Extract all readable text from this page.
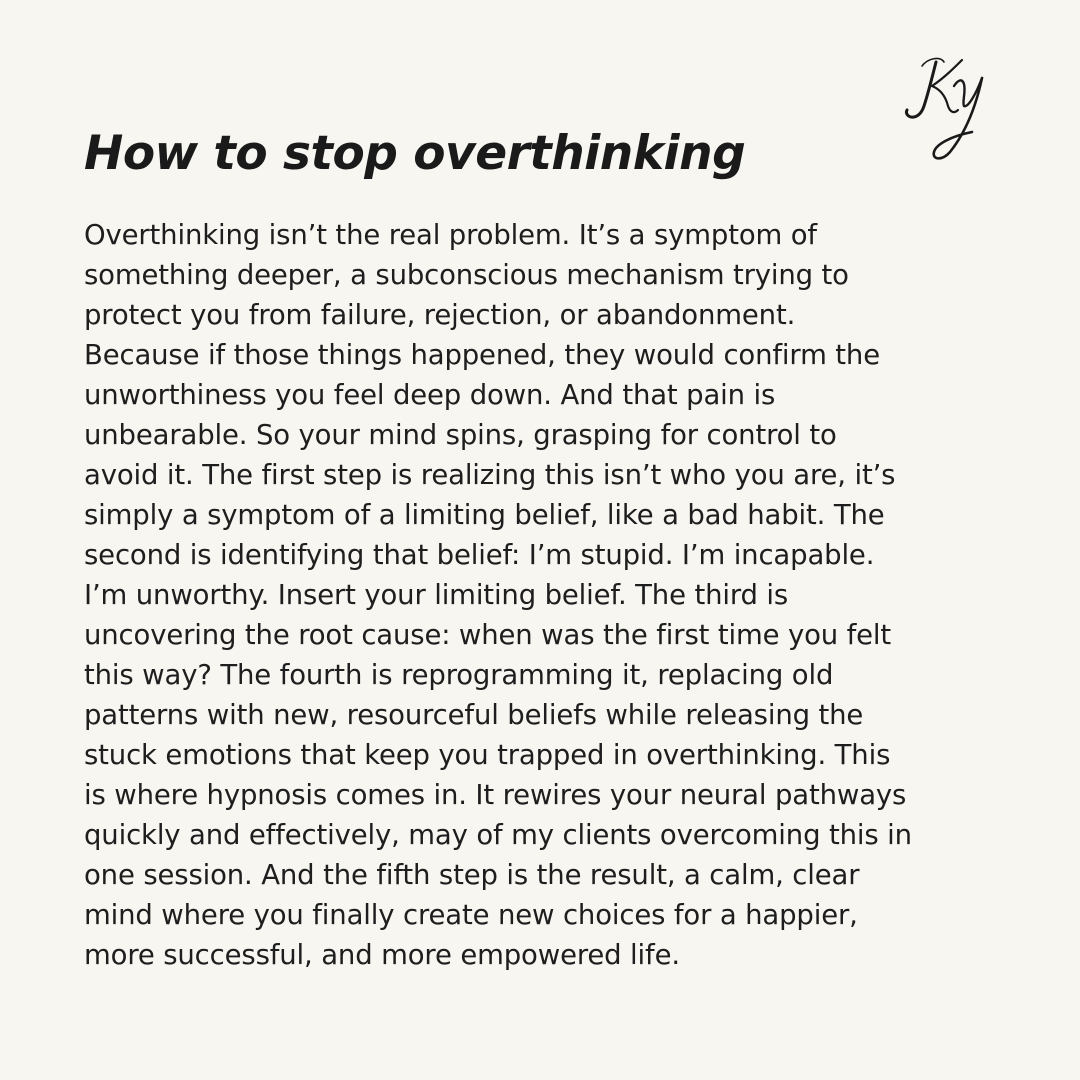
How to stop overthinking

Overthinking isn’t the real problem. It’s a symptom of
something deeper, a subconscious mechanism trying to
protect you from failure, rejection, or abandonment.
Because if those things happened, they would confirm the
unworthiness you feel deep down. And that pain is
unbearable. So your mind spins, grasping for control to
avoid it. The first step is realizing this isn’t who you are, it’s
simply a symptom of a limiting belief, like a bad habit. The
second is identifying that belief: I’m stupid. I’m incapable.
I’m unworthy. Insert your limiting belief. The third is
uncovering the root cause: when was the first time you felt
this way? The fourth is reprogramming it, replacing old
patterns with new, resourceful beliefs while releasing the
stuck emotions that keep you trapped in overthinking. This
is where hypnosis comes in. It rewires your neural pathways
quickly and effectively, may of my clients overcoming this in
one session. And the fifth step is the result, a calm, clear
mind where you finally create new choices for a happier,
more successful, and more empowered life.
